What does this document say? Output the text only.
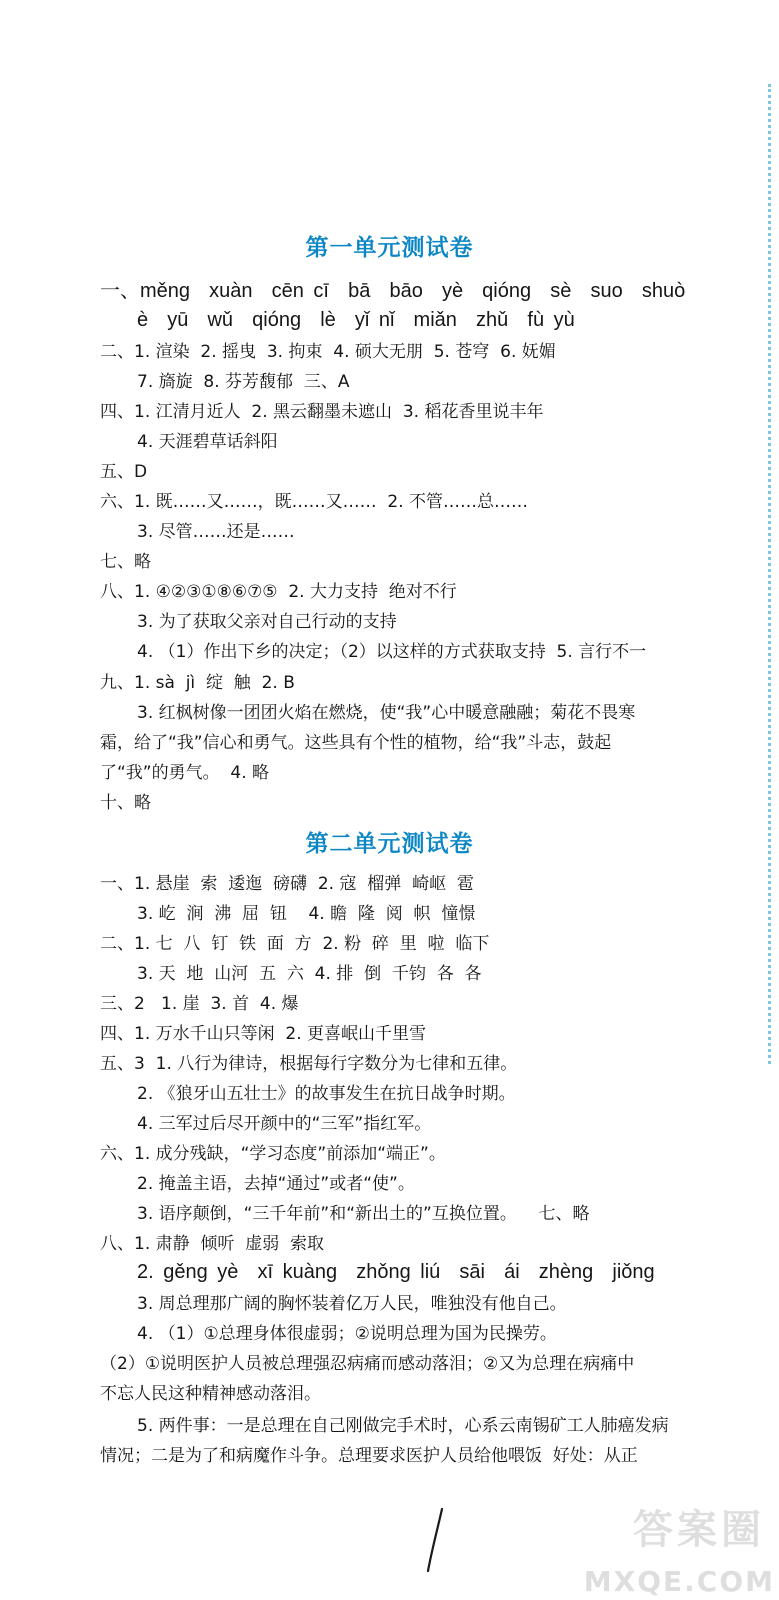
第一单元测试卷
一、měng  xuàn  cēn cī  bā  bāo  yè  qióng  sè  suo  shuò
è  yū  wǔ  qióng  lè  yǐ nǐ  miǎn  zhǔ  fù yù
二、1. 渲染  2. 摇曳  3. 拘束  4. 硕大无朋  5. 苍穹  6. 妩媚
7. 旖旋  8. 芬芳馥郁  三、A
四、1. 江清月近人  2. 黑云翻墨未遮山  3. 稻花香里说丰年
4. 天涯碧草话斜阳
五、D
六、1. 既……又……，既……又……  2. 不管……总……
3. 尽管……还是……
七、略
八、1. ④②③①⑧⑥⑦⑤  2. 大力支持  绝对不行
3. 为了获取父亲对自己行动的支持
4. （1）作出下乡的决定；（2）以这样的方式获取支持  5. 言行不一
九、1. sà  jì  绽  触  2. B
3. 红枫树像一团团火焰在燃烧，使“我”心中暖意融融；菊花不畏寒
霜，给了“我”信心和勇气。这些具有个性的植物，给“我”斗志，鼓起
了“我”的勇气。  4. 略
十、略
第二单元测试卷
一、1. 悬崖  索  逶迤  磅礴  2. 寇  榴弹  崎岖  雹
3. 屹  涧  沸  屈  钮    4. 瞻  隆  阅  帜  憧憬
二、1. 七  八  钉  铁  面  方  2. 粉  碎  里  啦  临下
3. 天  地  山河  五  六  4. 排  倒  千钧  各  各
三、2   1. 崖  3. 首  4. 爆
四、1. 万水千山只等闲  2. 更喜岷山千里雪
五、3  1. 八行为律诗，根据每行字数分为七律和五律。
2. 《狼牙山五壮士》的故事发生在抗日战争时期。
4. 三军过后尽开颜中的“三军”指红军。
六、1. 成分残缺，“学习态度”前添加“端正”。
2. 掩盖主语，去掉“通过”或者“使”。
3. 语序颠倒，“三千年前”和“新出土的”互换位置。    七、略
八、1. 肃静  倾听  虚弱  索取
2. gěng yè  xī kuàng  zhǒng liú  sāi  ái  zhèng  jiǒng
3. 周总理那广阔的胸怀装着亿万人民，唯独没有他自己。
4. （1）①总理身体很虚弱；②说明总理为国为民操劳。
（2）①说明医护人员被总理强忍病痛而感动落泪；②又为总理在病痛中
不忘人民这种精神感动落泪。
5. 两件事：一是总理在自己刚做完手术时，心系云南锡矿工人肺癌发病
情况；二是为了和病魔作斗争。总理要求医护人员给他喂饭  好处：从正
答案圈
MXQE.COM
